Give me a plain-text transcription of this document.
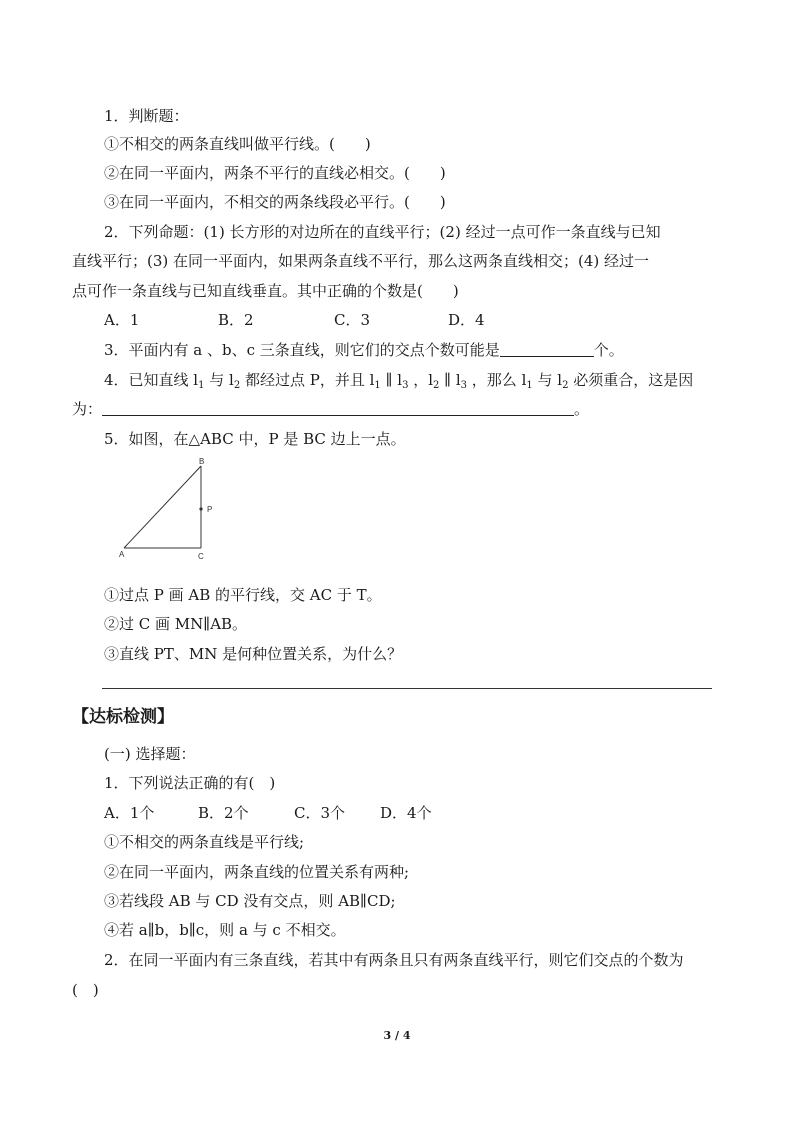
1．判断题：
①不相交的两条直线叫做平行线。(　　)
②在同一平面内，两条不平行的直线必相交。(　　)
③在同一平面内，不相交的两条线段必平行。(　　)
2．下列命题：(1) 长方形的对边所在的直线平行；(2) 经过一点可作一条直线与已知
直线平行；(3) 在同一平面内，如果两条直线不平行，那么这两条直线相交；(4) 经过一
点可作一条直线与已知直线垂直。其中正确的个数是(　　)
A．1	B．2	C．3	D．4
3．平面内有 a 、b、c 三条直线，则它们的交点个数可能是	个。
4．已知直线 $l_1$ 与 $l_2$ 都经过点 P，并且 $l_1$ ∥ $l_3$ ，$l_2$ ∥ $l_3$ ，那么 $l_1$ 与 $l_2$ 必须重合，这是因
为：	。
5．如图，在△ABC 中，P 是 BC 边上一点。
A
B
C
P
①过点 P 画 AB 的平行线，交 AC 于 T。
②过 C 画 MN∥AB。
③直线 PT、MN 是何种位置关系，为什么？
【达标检测】
(一) 选择题：
1．下列说法正确的有(　)
A．1个	B．2个	C．3个 D．4个
①不相交的两条直线是平行线;
②在同一平面内，两条直线的位置关系有两种;
③若线段 AB 与 CD 没有交点，则 AB∥CD;
④若 a∥b，b∥c，则 a 与 c 不相交。
2．在同一平面内有三条直线，若其中有两条且只有两条直线平行，则它们交点的个数为
(　)
3 / 4
